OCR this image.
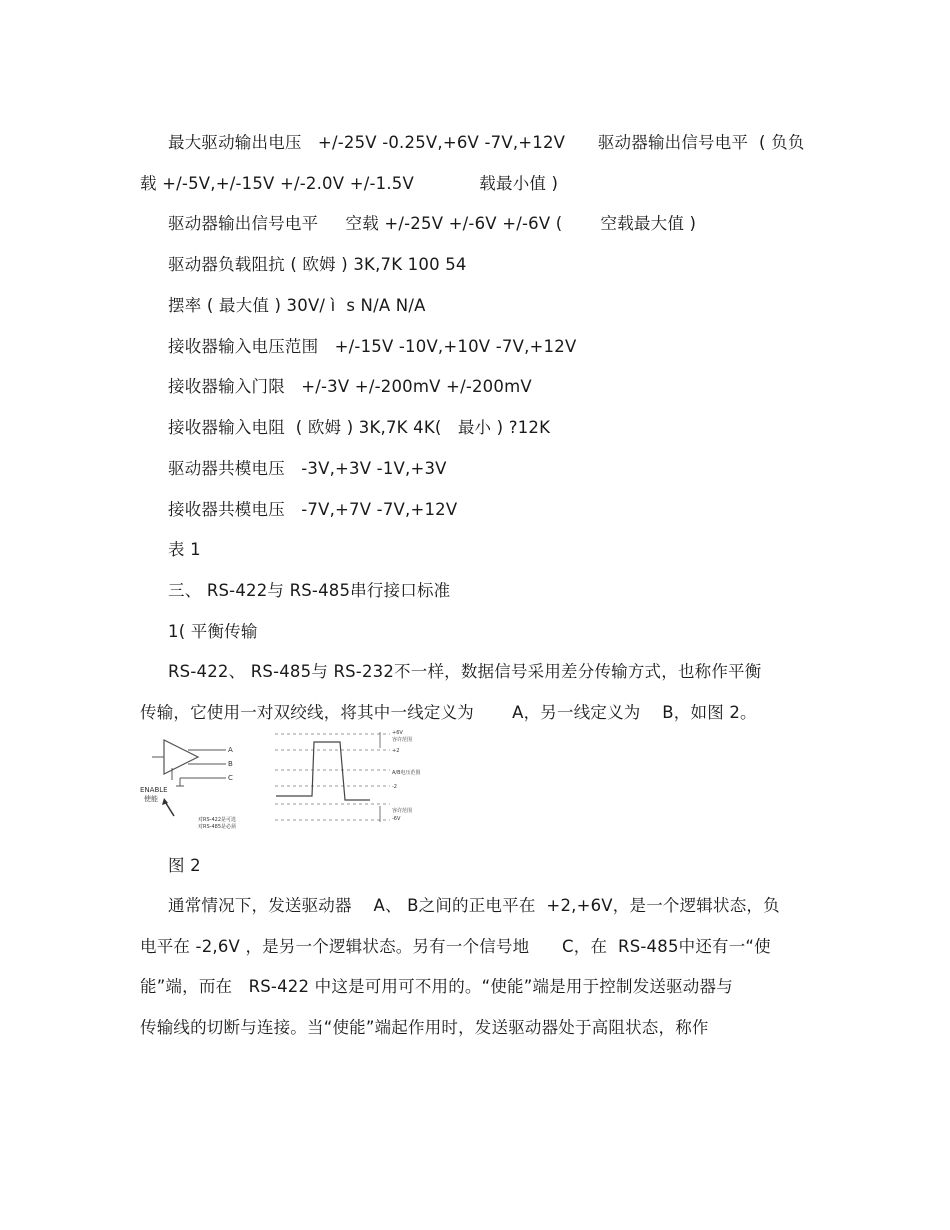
最大驱动输出电压   +/-25V -0.25V,+6V -7V,+12V      驱动器输出信号电平  ( 负负
载 +/-5V,+/-15V +/-2.0V +/-1.5V            载最小值 )
驱动器输出信号电平     空载 +/-25V +/-6V +/-6V (       空载最大值 )
驱动器负载阻抗 ( 欧姆 ) 3K,7K 100 54
摆率 ( 最大值 ) 30V/ ì  s N/A N/A
接收器输入电压范围   +/-15V -10V,+10V -7V,+12V
接收器输入门限   +/-3V +/-200mV +/-200mV
接收器输入电阻  ( 欧姆 ) 3K,7K 4K(   最小 ) ?12K
驱动器共模电压   -3V,+3V -1V,+3V
接收器共模电压   -7V,+7V -7V,+12V
表 1
三、 RS-422与 RS-485串行接口标准
1( 平衡传输
RS-422、 RS-485与 RS-232不一样，数据信号采用差分传输方式，也称作平衡
传输，它使用一对双绞线，将其中一线定义为       A，另一线定义为    B，如图 2。
A
B
C
ENABLE
使能
对RS-422是可选
对RS-485是必须
+6V
容许范围
+2
A/B电压范围
-2
容许范围
-6V
图 2
通常情况下，发送驱动器    A、 B之间的正电平在  +2,+6V，是一个逻辑状态，负
电平在 -2,6V ，是另一个逻辑状态。另有一个信号地      C，在  RS-485中还有一“使
能”端，而在   RS-422 中这是可用可不用的。“使能”端是用于控制发送驱动器与
传输线的切断与连接。当“使能”端起作用时，发送驱动器处于高阻状态，称作
